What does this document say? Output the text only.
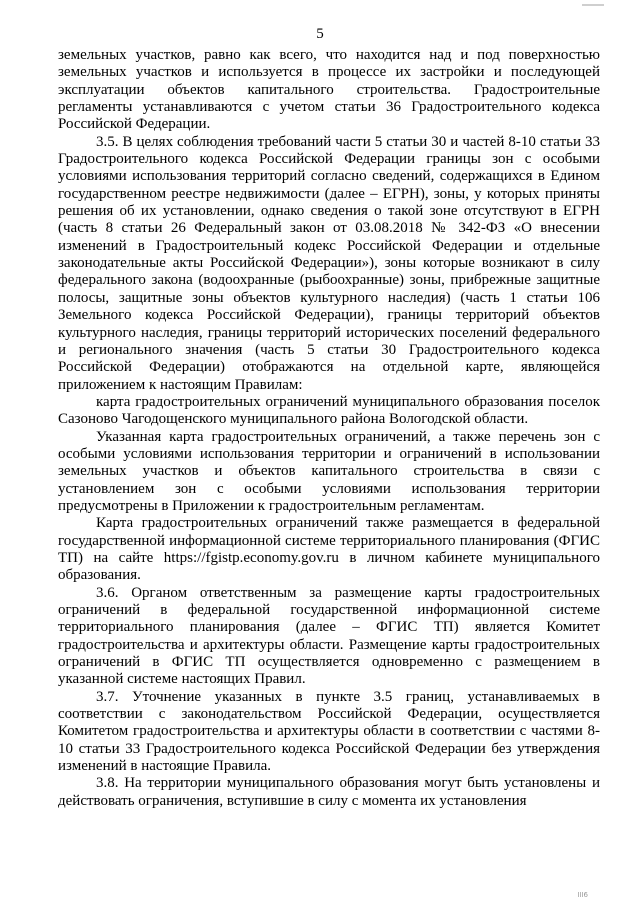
5

земельных участков, равно как всего, что находится над и под поверхностью земельных участков и используется в процессе их застройки и последующей эксплуатации объектов капитального строительства. Градостроительные регламенты устанавливаются с учетом статьи 36 Градостроительного кодекса Российской Федерации.

3.5. В целях соблюдения требований части 5 статьи 30 и частей 8-10 статьи 33 Градостроительного кодекса Российской Федерации границы зон с особыми условиями использования территорий согласно сведений, содержащихся в Едином государственном реестре недвижимости (далее – ЕГРН), зоны, у которых приняты решения об их установлении, однако сведения о такой зоне отсутствуют в ЕГРН (часть 8 статьи 26 Федеральный закон от 03.08.2018 № 342-ФЗ «О внесении изменений в Градостроительный кодекс Российской Федерации и отдельные законодательные акты Российской Федерации»), зоны которые возникают в силу федерального закона (водоохранные (рыбоохранные) зоны, прибрежные защитные полосы, защитные зоны объектов культурного наследия) (часть 1 статьи 106 Земельного кодекса Российской Федерации), границы территорий объектов культурного наследия, границы территорий исторических поселений федерального и регионального значения (часть 5 статьи 30 Градостроительного кодекса Российской Федерации) отображаются на отдельной карте, являющейся приложением к настоящим Правилам:

карта градостроительных ограничений муниципального образования поселок Сазоново Чагодощенского муниципального района Вологодской области.

Указанная карта градостроительных ограничений, а также перечень зон с особыми условиями использования территории и ограничений в использовании земельных участков и объектов капитального строительства в связи с установлением зон с особыми условиями использования территории предусмотрены в Приложении к градостроительным регламентам.

Карта градостроительных ограничений также размещается в федеральной государственной информационной системе территориального планирования (ФГИС ТП) на сайте https://fgistp.economy.gov.ru в личном кабинете муниципального образования.

3.6. Органом ответственным за размещение карты градостроительных ограничений в федеральной государственной информационной системе территориального планирования (далее – ФГИС ТП) является Комитет градостроительства и архитектуры области. Размещение карты градостроительных ограничений в ФГИС ТП осуществляется одновременно с размещением в указанной системе настоящих Правил.

3.7. Уточнение указанных в пункте 3.5 границ, устанавливаемых в соответствии с законодательством Российской Федерации, осуществляется Комитетом градостроительства и архитектуры области в соответствии с частями 8-10 статьи 33 Градостроительного кодекса Российской Федерации без утверждения изменений в настоящие Правила.

3.8. На территории муниципального образования могут быть установлены и действовать ограничения, вступившие в силу с момента их установления

III6
